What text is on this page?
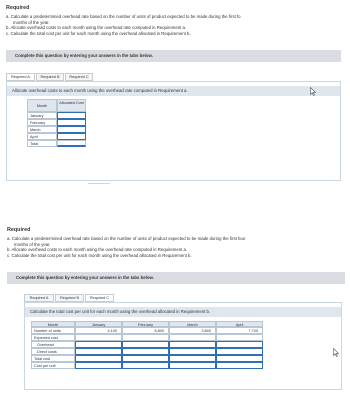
Required
a. Calculate a predetermined overhead rate based on the number of units of product expected to be made during the first fo
months of the year.
b. Allocate overhead costs to each month using the overhead rate computed in Requirement a.
c. Calculate the total cost per unit for each month using the overhead allocated in Requirement b.
Complete this question by entering your answers in the tabs below.
Required A	Required B	Required C
Allocate overhead costs to each month using the overhead rate computed in Requirement a.
Month
Allocated Cost
January
February
March
April
Total
Required
a. Calculate a predetermined overhead rate based on the number of units of product expected to be made during the first four
months of the year.
b. Allocate overhead costs to each month using the overhead rate computed in Requirement a.
c. Calculate the total cost per unit for each month using the overhead allocated in Requirement b.
Complete this question by entering your answers in the tabs below.
Required A	Required B	Required C
Calculate the total cost per unit for each month using the overhead allocated in Requirement b.
Month	January	February	March	April
Number of units	4,100	6,800	3,800	7,700
Expected cost
Overhead
Direct costs
Total cost
Cost per unit
